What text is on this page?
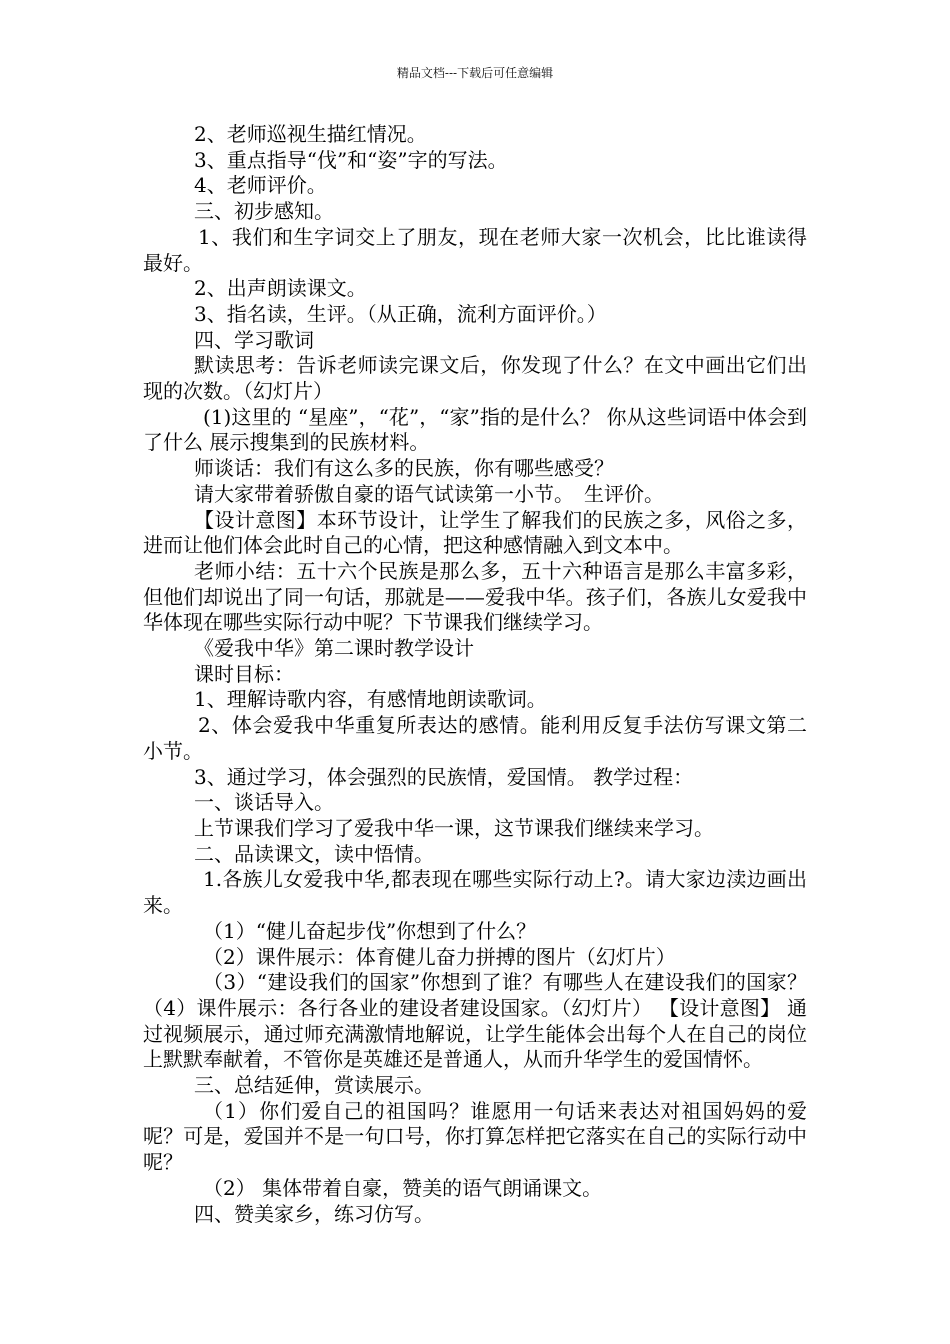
精品文档---下载后可任意编辑

2、老师巡视生描红情况。

3、重点指导“伐”和“姿”字的写法。

4、老师评价。

三、初步感知。

1、我们和生字词交上了朋友，现在老师大家一次机会，比比谁读得最好。

2、出声朗读课文。

3、指名读，生评。（从正确，流利方面评价。）

四、学习歌词

默读思考：告诉老师读完课文后，你发现了什么？在文中画出它们出现的次数。（幻灯片）

(1)这里的 “星座”，“花”，“家”指的是什么？ 你从这些词语中体会到了什么 展示搜集到的民族材料。

师谈话：我们有这么多的民族，你有哪些感受？

请大家带着骄傲自豪的语气试读第一小节。　生评价。

【设计意图】本环节设计，让学生了解我们的民族之多，风俗之多，进而让他们体会此时自己的心情，把这种感情融入到文本中。

老师小结：五十六个民族是那么多，五十六种语言是那么丰富多彩，但他们却说出了同一句话，那就是——爱我中华。孩子们，各族儿女爱我中华体现在哪些实际行动中呢？下节课我们继续学习。

《爱我中华》第二课时教学设计

课时目标：

1、理解诗歌内容，有感情地朗读歌词。

2、体会爱我中华重复所表达的感情。能利用反复手法仿写课文第二小节。

3、通过学习，体会强烈的民族情，爱国情。 教学过程：

一、谈话导入。

上节课我们学习了爱我中华一课，这节课我们继续来学习。

二、品读课文，读中悟情。

1.各族儿女爱我中华,都表现在哪些实际行动上?。请大家边渎边画出来。

（1）“健儿奋起步伐”你想到了什么？

（2）课件展示：体育健儿奋力拼搏的图片（幻灯片）

（3）“建设我们的国家”你想到了谁？有哪些人在建设我们的国家？ （4）课件展示：各行各业的建设者建设国家。（幻灯片） 【设计意图】 通过视频展示，通过师充满激情地解说，让学生能体会出每个人在自己的岗位上默默奉献着，不管你是英雄还是普通人，从而升华学生的爱国情怀。

三、总结延伸，赏读展示。

（1）你们爱自己的祖国吗？谁愿用一句话来表达对祖国妈妈的爱呢？可是，爱国并不是一句口号，你打算怎样把它落实在自己的实际行动中呢？

（2） 集体带着自豪，赞美的语气朗诵课文。

四、赞美家乡，练习仿写。
